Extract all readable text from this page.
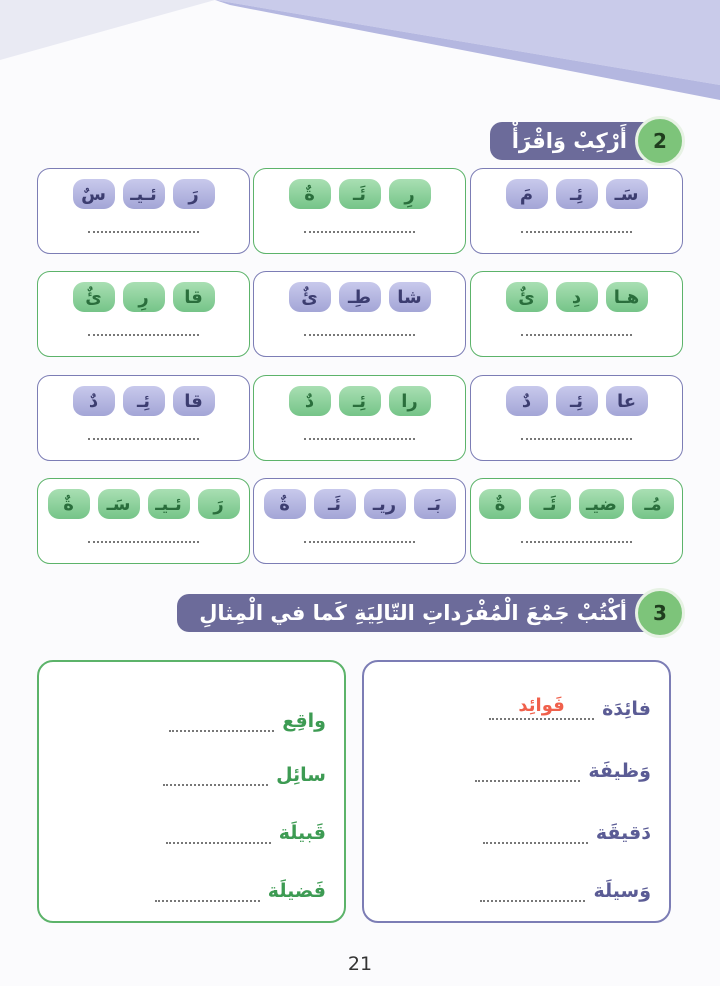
2
أَرْكِبْ وَاقْرَأْ
سَـ
ئِـ
مَ
رِ
ئَـ
ةٌ
رَ
ئـيـ
سٌ
هـا
دِ
ئٌ
شا
طِـ
ئٌ
قا
رِ
ئٌ
عا
ئِـ
دٌ
را
ئِـ
دٌ
قا
ئِـ
دٌ
مُـ
ضيـ
ئَـ
ةٌ
بَـ
ريـ
ئَـ
ةٌ
رَ
ئـيـ
سَـ
ةٌ
3
أكْتُبْ جَمْعَ الْمُفْرَداتِ التّالِيَةِ كَما في الْمِثالِ
فائِدَة
فَوائِد
وَظيفَة
دَقيقَة
وَسيلَة
واقِع
سائِل
قَبيلَة
فَضيلَة
21
